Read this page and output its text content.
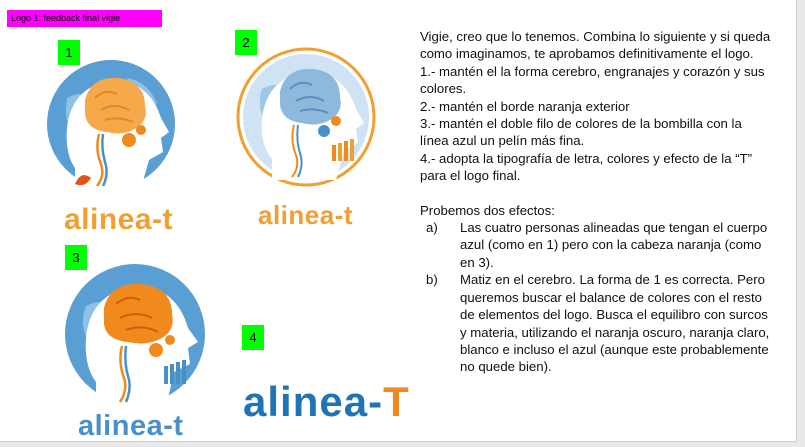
Logo 1: feedback final vigie
1
alinea-t
2
alinea-t
3
alinea-t
4
alinea-T

Vigie, creo que lo tenemos. Combina lo siguiente y si queda como imaginamos, te aprobamos definitivamente el logo.

1.- mantén el la forma cerebro, engranajes y corazón y sus colores.

2.- mantén el borde naranja exterior

3.- mantén el doble filo de colores de la bombilla con la línea azul un pelín más fina.

4.- adopta la tipografía de letra, colores y efecto de la “T” para el logo final.

Probemos dos efectos:

a) Las cuatro personas alineadas que tengan el cuerpo azul (como en 1) pero con la cabeza naranja (como en 3).
b) Matiz en el cerebro. La forma de 1 es correcta. Pero queremos buscar el balance de colores con el resto de elementos del logo. Busca el equilibro con surcos y materia, utilizando el naranja oscuro, naranja claro, blanco e incluso el azul (aunque este probablemente no quede bien).
